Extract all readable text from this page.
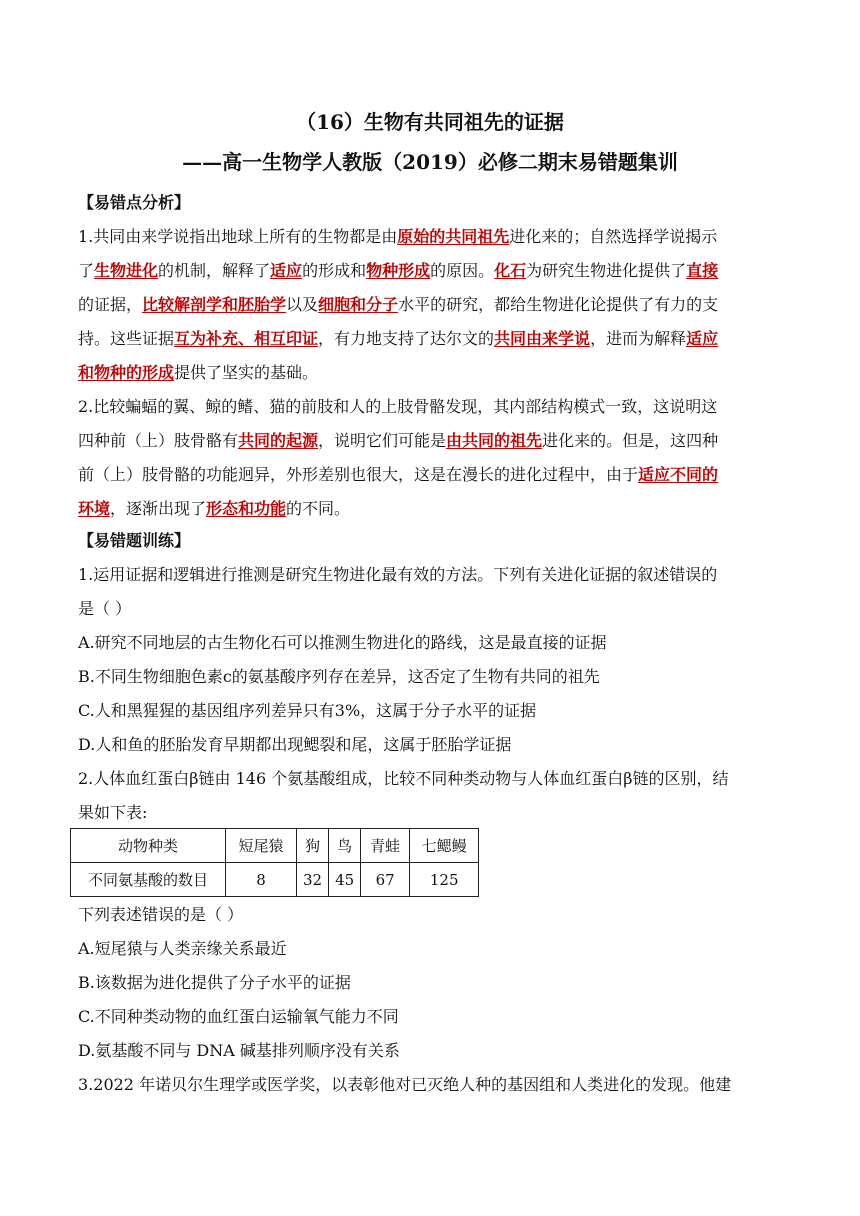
（16）生物有共同祖先的证据
——高一生物学人教版（2019）必修二期末易错题集训
【易错点分析】
1.共同由来学说指出地球上所有的生物都是由原始的共同祖先进化来的；自然选择学说揭示
了生物进化的机制，解释了适应的形成和物种形成的原因。化石为研究生物进化提供了直接
的证据，比较解剖学和胚胎学以及细胞和分子水平的研究，都给生物进化论提供了有力的支
持。这些证据互为补充、相互印证，有力地支持了达尔文的共同由来学说，进而为解释适应
和物种的形成提供了坚实的基础。
2.比较蝙蝠的翼、鲸的鳍、猫的前肢和人的上肢骨骼发现，其内部结构模式一致，这说明这
四种前（上）肢骨骼有共同的起源，说明它们可能是由共同的祖先进化来的。但是，这四种
前（上）肢骨骼的功能迥异，外形差别也很大，这是在漫长的进化过程中，由于适应不同的
环境，逐渐出现了形态和功能的不同。
【易错题训练】
1.运用证据和逻辑进行推测是研究生物进化最有效的方法。下列有关进化证据的叙述错误的
是（ ）
A.研究不同地层的古生物化石可以推测生物进化的路线，这是最直接的证据
B.不同生物细胞色素c的氨基酸序列存在差异，这否定了生物有共同的祖先
C.人和黑猩猩的基因组序列差异只有3%，这属于分子水平的证据
D.人和鱼的胚胎发育早期都出现鳃裂和尾，这属于胚胎学证据
2.人体血红蛋白β链由 146 个氨基酸组成，比较不同种类动物与人体血红蛋白β链的区别，结
果如下表:
动物种类	短尾猿	狗	鸟	青蛙	七鳃鳗
不同氨基酸的数目	8	32	45	67	125
下列表述错误的是（ ）
A.短尾猿与人类亲缘关系最近
B.该数据为进化提供了分子水平的证据
C.不同种类动物的血红蛋白运输氧气能力不同
D.氨基酸不同与 DNA 碱基排列顺序没有关系
3.2022 年诺贝尔生理学或医学奖，以表彰他对已灭绝人种的基因组和人类进化的发现。他建
